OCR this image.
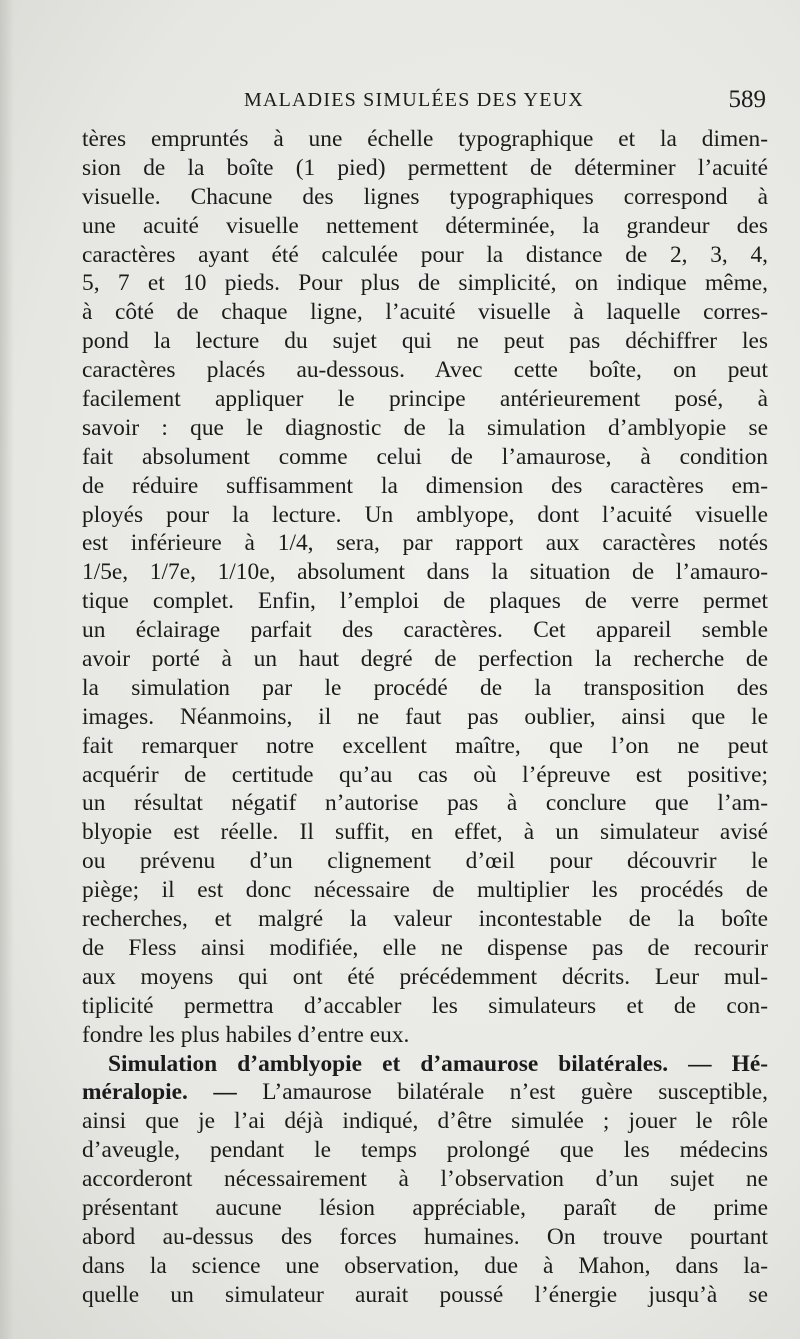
MALADIES SIMULÉES DES YEUX	589
tères empruntés à une échelle typographique et la dimen-
sion de la boîte (1 pied) permettent de déterminer l’acuité
visuelle. Chacune des lignes typographiques correspond à
une acuité visuelle nettement déterminée, la grandeur des
caractères ayant été calculée pour la distance de 2, 3, 4,
5, 7 et 10 pieds. Pour plus de simplicité, on indique même,
à côté de chaque ligne, l’acuité visuelle à laquelle corres-
pond la lecture du sujet qui ne peut pas déchiffrer les
caractères placés au-dessous. Avec cette boîte, on peut
facilement appliquer le principe antérieurement posé, à
savoir : que le diagnostic de la simulation d’amblyopie se
fait absolument comme celui de l’amaurose, à condition
de réduire suffisamment la dimension des caractères em-
ployés pour la lecture. Un amblyope, dont l’acuité visuelle
est inférieure à 1/4, sera, par rapport aux caractères notés
1/5e, 1/7e, 1/10e, absolument dans la situation de l’amauro-
tique complet. Enfin, l’emploi de plaques de verre permet
un éclairage parfait des caractères. Cet appareil semble
avoir porté à un haut degré de perfection la recherche de
la simulation par le procédé de la transposition des
images. Néanmoins, il ne faut pas oublier, ainsi que le
fait remarquer notre excellent maître, que l’on ne peut
acquérir de certitude qu’au cas où l’épreuve est positive;
un résultat négatif n’autorise pas à conclure que l’am-
blyopie est réelle. Il suffit, en effet, à un simulateur avisé
ou prévenu d’un clignement d’œil pour découvrir le
piège; il est donc nécessaire de multiplier les procédés de
recherches, et malgré la valeur incontestable de la boîte
de Fless ainsi modifiée, elle ne dispense pas de recourir
aux moyens qui ont été précédemment décrits. Leur mul-
tiplicité permettra d’accabler les simulateurs et de con-
fondre les plus habiles d’entre eux.
Simulation d’amblyopie et d’amaurose bilatérales. — Hé-
méralopie. — L’amaurose bilatérale n’est guère susceptible,
ainsi que je l’ai déjà indiqué, d’être simulée ; jouer le rôle
d’aveugle, pendant le temps prolongé que les médecins
accorderont nécessairement à l’observation d’un sujet ne
présentant aucune lésion appréciable, paraît de prime
abord au-dessus des forces humaines. On trouve pourtant
dans la science une observation, due à Mahon, dans la-
quelle un simulateur aurait poussé l’énergie jusqu’à se
